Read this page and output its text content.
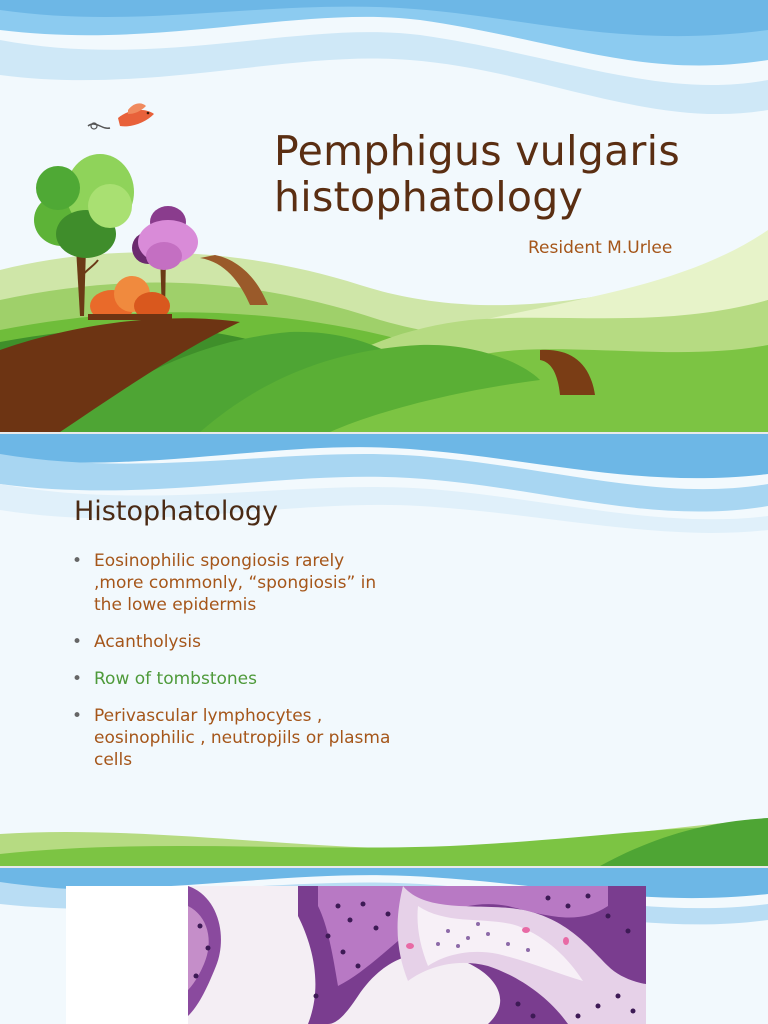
Pemphigus vulgaris histophatology
Resident M.Urlee
Histophatology
• Eosinophilic spongiosis rarely ,more commonly, “spongiosis” in the lowe epidermis
• Acantholysis
• Row of tombstones
• Perivascular lymphocytes , eosinophilic , neutropjils or plasma cells
